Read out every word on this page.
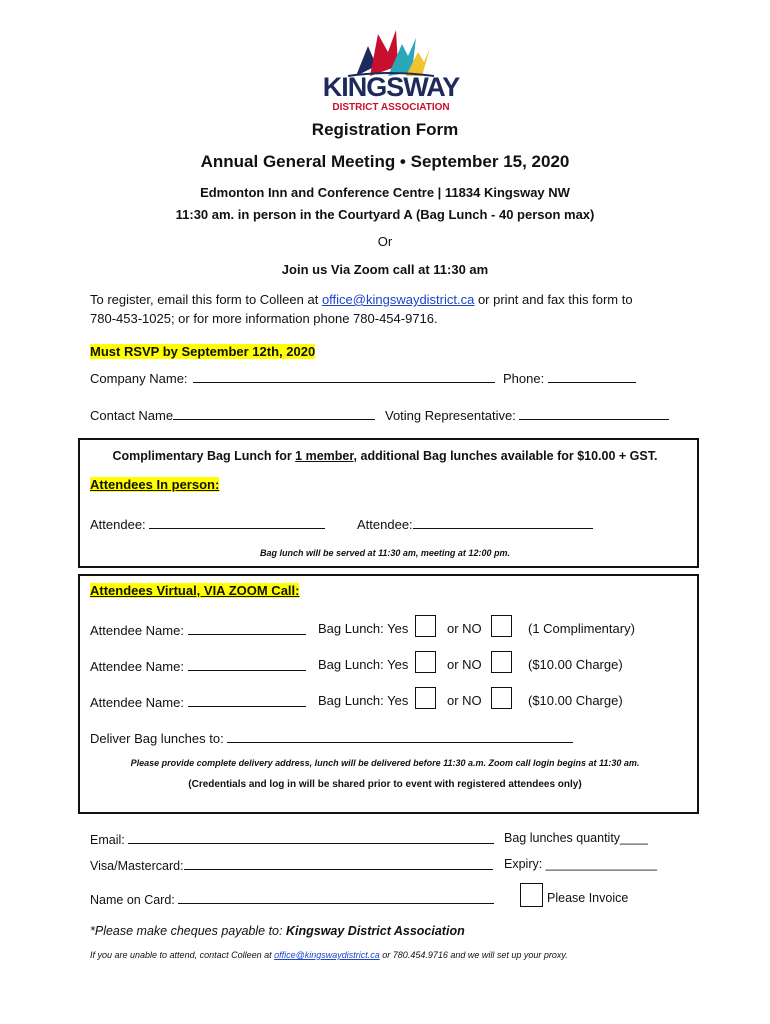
KINGSWAY
DISTRICT ASSOCIATION
Registration Form
Annual General Meeting • September 15, 2020
Edmonton Inn and Conference Centre | 11834 Kingsway NW
11:30 am. in person in the Courtyard A (Bag Lunch - 40 person max)
Or
Join us Via Zoom call at 11:30 am
To register, email this form to Colleen at office@kingswaydistrict.ca or print and fax this form to
780-453-1025; or for more information phone 780-454-9716.
Must RSVP by September 12th, 2020
Company Name:	Phone:
Contact Name	Voting Representative:
Complimentary Bag Lunch for 1 member, additional Bag lunches available for $10.00 + GST.
Attendees In person:
Attendee:	Attendee:
Bag lunch will be served at 11:30 am, meeting at 12:00 pm.
Attendees Virtual, VIA ZOOM Call:
Attendee Name:	Bag Lunch: Yes	or NO	(1 Complimentary)
Attendee Name:	Bag Lunch: Yes	or NO	($10.00 Charge)
Attendee Name:	Bag Lunch: Yes	or NO	($10.00 Charge)
Deliver Bag lunches to:
Please provide complete delivery address, lunch will be delivered before 11:30 a.m. Zoom call login begins at 11:30 am.
(Credentials and log in will be shared prior to event with registered attendees only)
Email:	Bag lunches quantity____
Visa/Mastercard:	Expiry: ________________
Name on Card:	Please Invoice
*Please make cheques payable to: Kingsway District Association
If you are unable to attend, contact Colleen at office@kingswaydistrict.ca or 780.454.9716 and we will set up your proxy.
